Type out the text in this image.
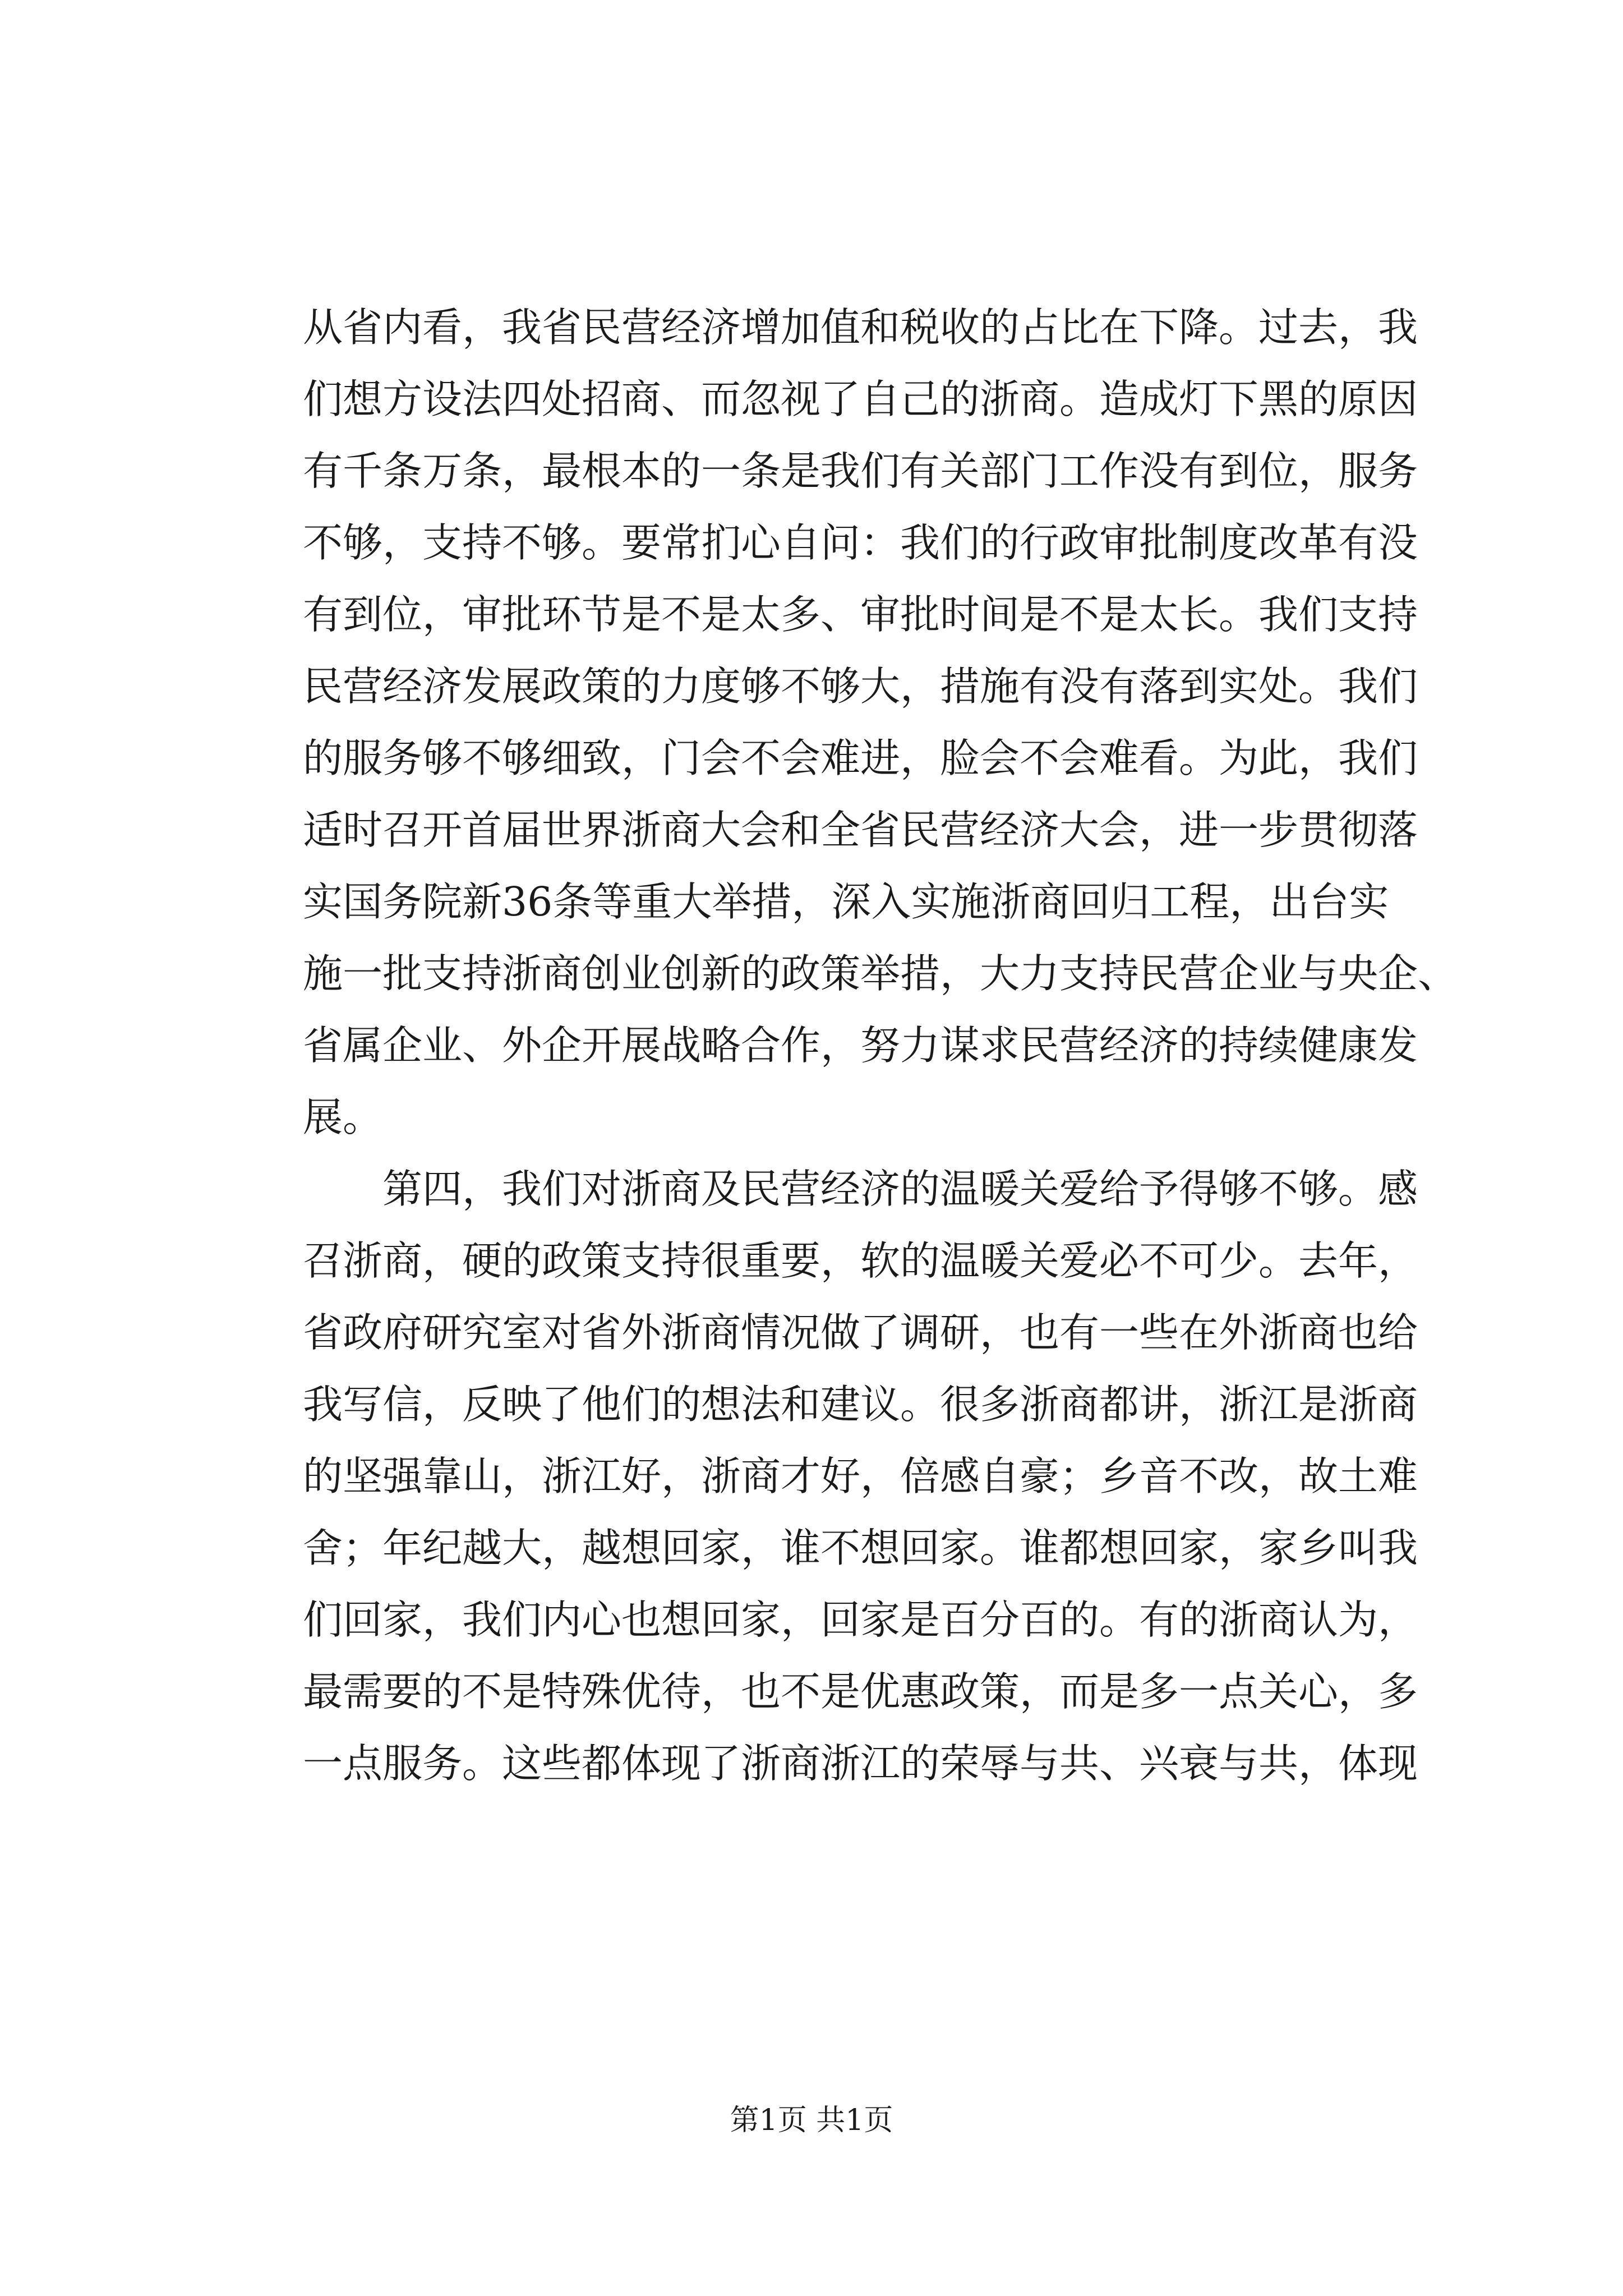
从省内看，我省民营经济增加值和税收的占比在下降。过去，我
们想方设法四处招商、而忽视了自己的浙商。造成灯下黑的原因
有千条万条，最根本的一条是我们有关部门工作没有到位，服务
不够，支持不够。要常扪心自问：我们的行政审批制度改革有没
有到位，审批环节是不是太多、审批时间是不是太长。我们支持
民营经济发展政策的力度够不够大，措施有没有落到实处。我们
的服务够不够细致，门会不会难进，脸会不会难看。为此，我们
适时召开首届世界浙商大会和全省民营经济大会，进一步贯彻落
实国务院新36条等重大举措，深入实施浙商回归工程，出台实
施一批支持浙商创业创新的政策举措，大力支持民营企业与央企、
省属企业、外企开展战略合作，努力谋求民营经济的持续健康发
展。
第四，我们对浙商及民营经济的温暖关爱给予得够不够。感
召浙商，硬的政策支持很重要，软的温暖关爱必不可少。去年，
省政府研究室对省外浙商情况做了调研，也有一些在外浙商也给
我写信，反映了他们的想法和建议。很多浙商都讲，浙江是浙商
的坚强靠山，浙江好，浙商才好，倍感自豪；乡音不改，故土难
舍；年纪越大，越想回家，谁不想回家。谁都想回家，家乡叫我
们回家，我们内心也想回家，回家是百分百的。有的浙商认为，
最需要的不是特殊优待，也不是优惠政策，而是多一点关心，多
一点服务。这些都体现了浙商浙江的荣辱与共、兴衰与共，体现
第1页 共1页
